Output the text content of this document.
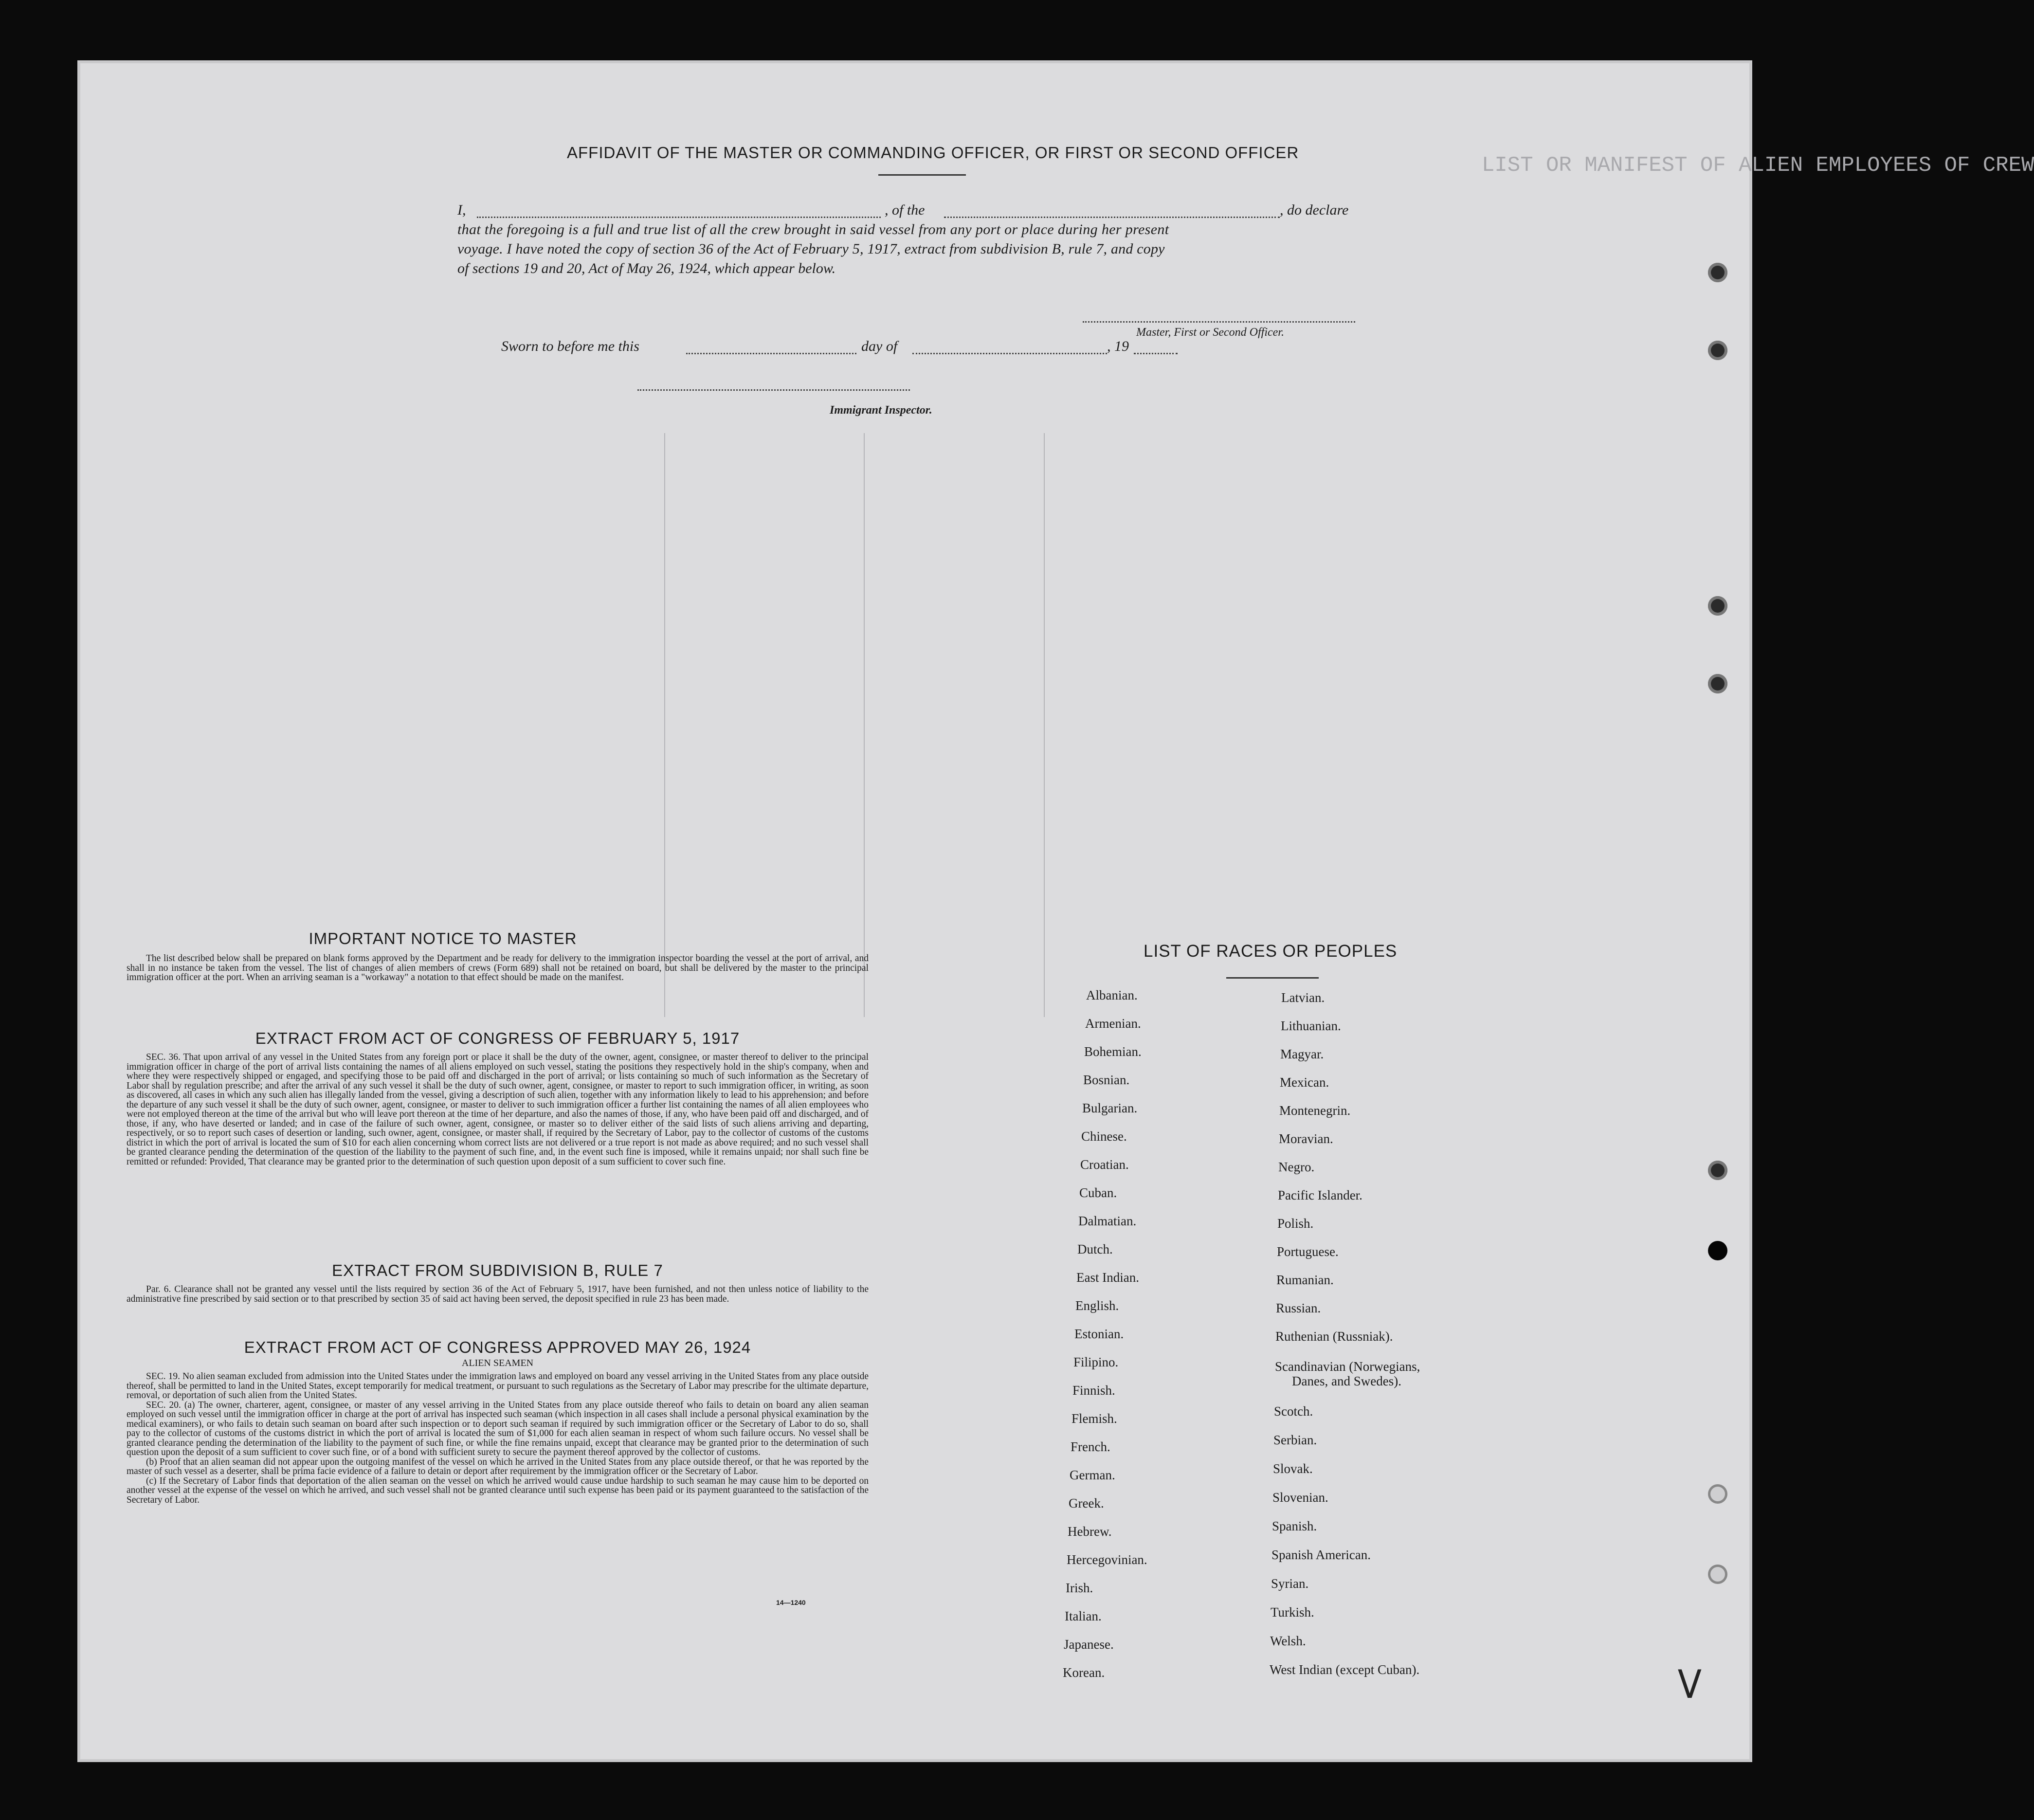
LIST OR MANIFEST OF ALIEN EMPLOYEES OF CREW
AFFIDAVIT OF THE MASTER OR COMMANDING OFFICER, OR FIRST OR SECOND OFFICER
I,	, of the	, do declare
that the foregoing is a full and true list of all the crew brought in said vessel from any port or place during her present
voyage. I have noted the copy of section 36 of the Act of February 5, 1917, extract from subdivision B, rule 7, and copy
of sections 19 and 20, Act of May 26, 1924, which appear below.
Master, First or Second Officer.
Sworn to before me this	day of	, 19
Immigrant Inspector.
IMPORTANT NOTICE TO MASTER

The list described below shall be prepared on blank forms approved by the Department and be ready for delivery to the immigration inspector boarding the vessel at the port of arrival, and shall in no instance be taken from the vessel. The list of changes of alien members of crews (Form 689) shall not be retained on board, but shall be delivered by the master to the principal immigration officer at the port. When an arriving seaman is a "workaway" a notation to that effect should be made on the manifest.

EXTRACT FROM ACT OF CONGRESS OF FEBRUARY 5, 1917

SEC. 36. That upon arrival of any vessel in the United States from any foreign port or place it shall be the duty of the owner, agent, consignee, or master thereof to deliver to the principal immigration officer in charge of the port of arrival lists containing the names of all aliens employed on such vessel, stating the positions they respectively hold in the ship's company, when and where they were respectively shipped or engaged, and specifying those to be paid off and discharged in the port of arrival; or lists containing so much of such information as the Secretary of Labor shall by regulation prescribe; and after the arrival of any such vessel it shall be the duty of such owner, agent, consignee, or master to report to such immigration officer, in writing, as soon as discovered, all cases in which any such alien has illegally landed from the vessel, giving a description of such alien, together with any information likely to lead to his apprehension; and before the departure of any such vessel it shall be the duty of such owner, agent, consignee, or master to deliver to such immigration officer a further list containing the names of all alien employees who were not employed thereon at the time of the arrival but who will leave port thereon at the time of her departure, and also the names of those, if any, who have been paid off and discharged, and of those, if any, who have deserted or landed; and in case of the failure of such owner, agent, consignee, or master so to deliver either of the said lists of such aliens arriving and departing, respectively, or so to report such cases of desertion or landing, such owner, agent, consignee, or master shall, if required by the Secretary of Labor, pay to the collector of customs of the customs district in which the port of arrival is located the sum of $10 for each alien concerning whom correct lists are not delivered or a true report is not made as above required; and no such vessel shall be granted clearance pending the determination of the question of the liability to the payment of such fine, and, in the event such fine is imposed, while it remains unpaid; nor shall such fine be remitted or refunded: Provided, That clearance may be granted prior to the determination of such question upon deposit of a sum sufficient to cover such fine.

EXTRACT FROM SUBDIVISION B, RULE 7

Par. 6. Clearance shall not be granted any vessel until the lists required by section 36 of the Act of February 5, 1917, have been furnished, and not then unless notice of liability to the administrative fine prescribed by said section or to that prescribed by section 35 of said act having been served, the deposit specified in rule 23 has been made.

EXTRACT FROM ACT OF CONGRESS APPROVED MAY 26, 1924
ALIEN SEAMEN

SEC. 19. No alien seaman excluded from admission into the United States under the immigration laws and employed on board any vessel arriving in the United States from any place outside thereof, shall be permitted to land in the United States, except temporarily for medical treatment, or pursuant to such regulations as the Secretary of Labor may prescribe for the ultimate departure, removal, or deportation of such alien from the United States.

SEC. 20. (a) The owner, charterer, agent, consignee, or master of any vessel arriving in the United States from any place outside thereof who fails to detain on board any alien seaman employed on such vessel until the immigration officer in charge at the port of arrival has inspected such seaman (which inspection in all cases shall include a personal physical examination by the medical examiners), or who fails to detain such seaman on board after such inspection or to deport such seaman if required by such immigration officer or the Secretary of Labor to do so, shall pay to the collector of customs of the customs district in which the port of arrival is located the sum of $1,000 for each alien seaman in respect of whom such failure occurs. No vessel shall be granted clearance pending the determination of the liability to the payment of such fine, or while the fine remains unpaid, except that clearance may be granted prior to the determination of such question upon the deposit of a sum sufficient to cover such fine, or of a bond with sufficient surety to secure the payment thereof approved by the collector of customs.

(b) Proof that an alien seaman did not appear upon the outgoing manifest of the vessel on which he arrived in the United States from any place outside thereof, or that he was reported by the master of such vessel as a deserter, shall be prima facie evidence of a failure to detain or deport after requirement by the immigration officer or the Secretary of Labor.

(c) If the Secretary of Labor finds that deportation of the alien seaman on the vessel on which he arrived would cause undue hardship to such seaman he may cause him to be deported on another vessel at the expense of the vessel on which he arrived, and such vessel shall not be granted clearance until such expense has been paid or its payment guaranteed to the satisfaction of the Secretary of Labor.

14—1240
LIST OF RACES OR PEOPLES
Albanian.
Armenian.
Bohemian.
Bosnian.
Bulgarian.
Chinese.
Croatian.
Cuban.
Dalmatian.
Dutch.
East Indian.
English.
Estonian.
Filipino.
Finnish.
Flemish.
French.
German.
Greek.
Hebrew.
Hercegovinian.
Irish.
Italian.
Japanese.
Korean.
Latvian.
Lithuanian.
Magyar.
Mexican.
Montenegrin.
Moravian.
Negro.
Pacific Islander.
Polish.
Portuguese.
Rumanian.
Russian.
Ruthenian (Russniak).
Scandinavian (Norwegians,
Danes, and Swedes).
Scotch.
Serbian.
Slovak.
Slovenian.
Spanish.
Spanish American.
Syrian.
Turkish.
Welsh.
West Indian (except Cuban).	V
